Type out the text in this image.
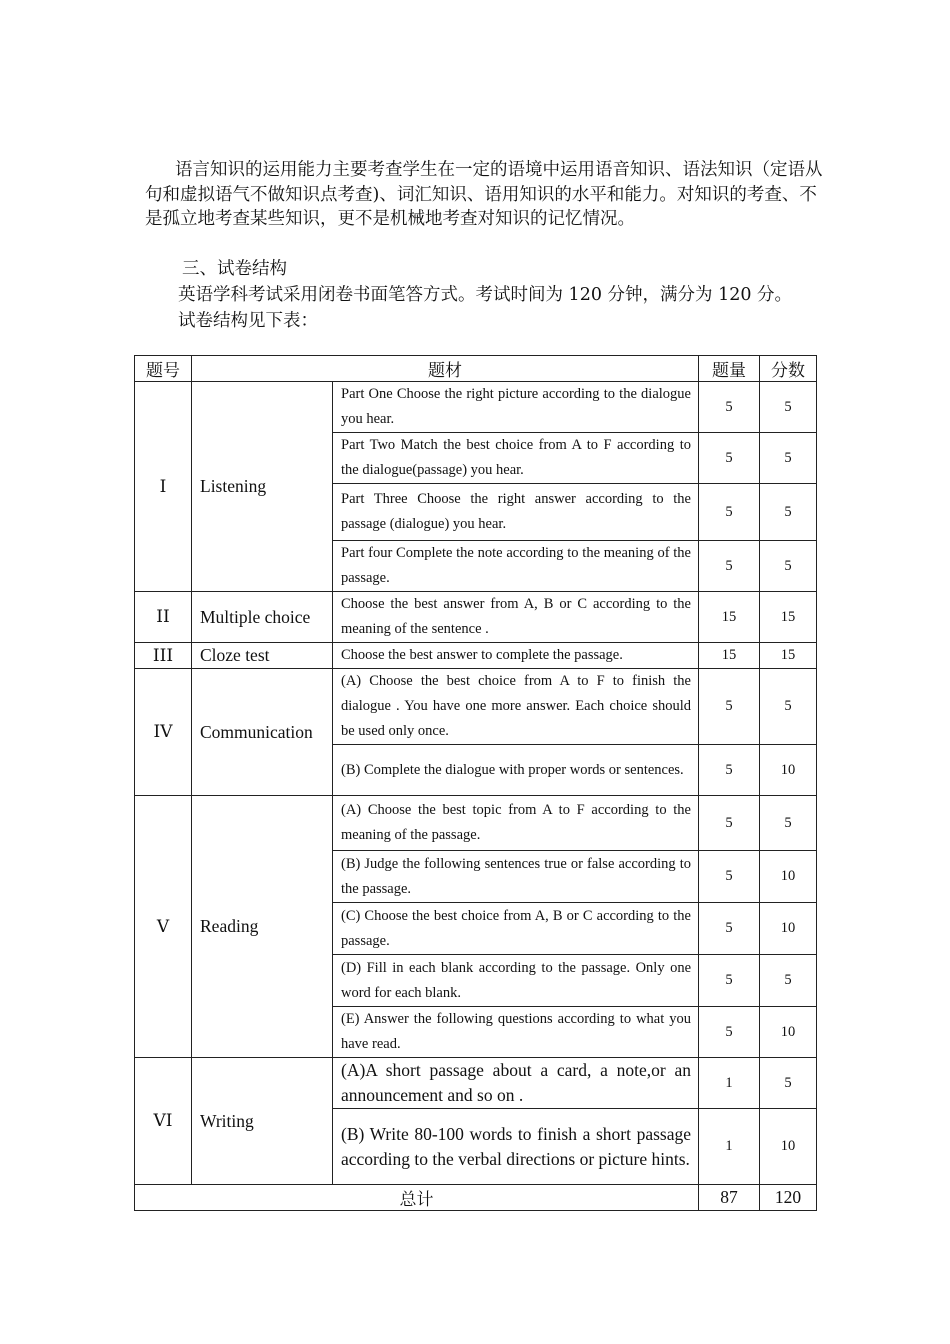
语言知识的运用能力主要考查学生在一定的语境中运用语音知识、语法知识（定语从句和虚拟语气不做知识点考查)、词汇知识、语用知识的水平和能力。对知识的考查、不是孤立地考查某些知识，更不是机械地考查对知识的记忆情况。

三、试卷结构

英语学科考试采用闭卷书面笔答方式。考试时间为 120 分钟，满分为 120 分。

试卷结构见下表：

题号	题材		题量	分数
I	Listening	Part One Choose the right picture according to the dialogue you hear.	5	5
		Part Two Match the best choice from A to F according to the dialogue(passage) you hear.	5	5
		Part Three Choose the right answer according to the passage (dialogue) you hear.	5	5
		Part four Complete the note according to the meaning of the passage.	5	5
II	Multiple choice	Choose the best answer from A, B or C according to the meaning of the sentence .	15	15
III	Cloze test	Choose the best answer to complete the passage.	15	15
IV	Communication	(A) Choose the best choice from A to F to finish the dialogue . You have one more answer. Each choice should be used only once.	5	5
		(B) Complete the dialogue with proper words or sentences.	5	10
V	Reading	(A) Choose the best topic from A to F according to the meaning of the passage.	5	5
		(B) Judge the following sentences true or false according to the passage.	5	10
		(C) Choose the best choice from A, B or C according to the passage.	5	10
		(D) Fill in each blank according to the passage. Only one word for each blank.	5	5
		(E) Answer the following questions according to what you have read.	5	10
VI	Writing	(A)A short passage about a card, a note,or an announcement and so on .	1	5
		(B) Write 80-100 words to finish a short passage according to the verbal directions or picture hints.	1	10
总计			87	120
